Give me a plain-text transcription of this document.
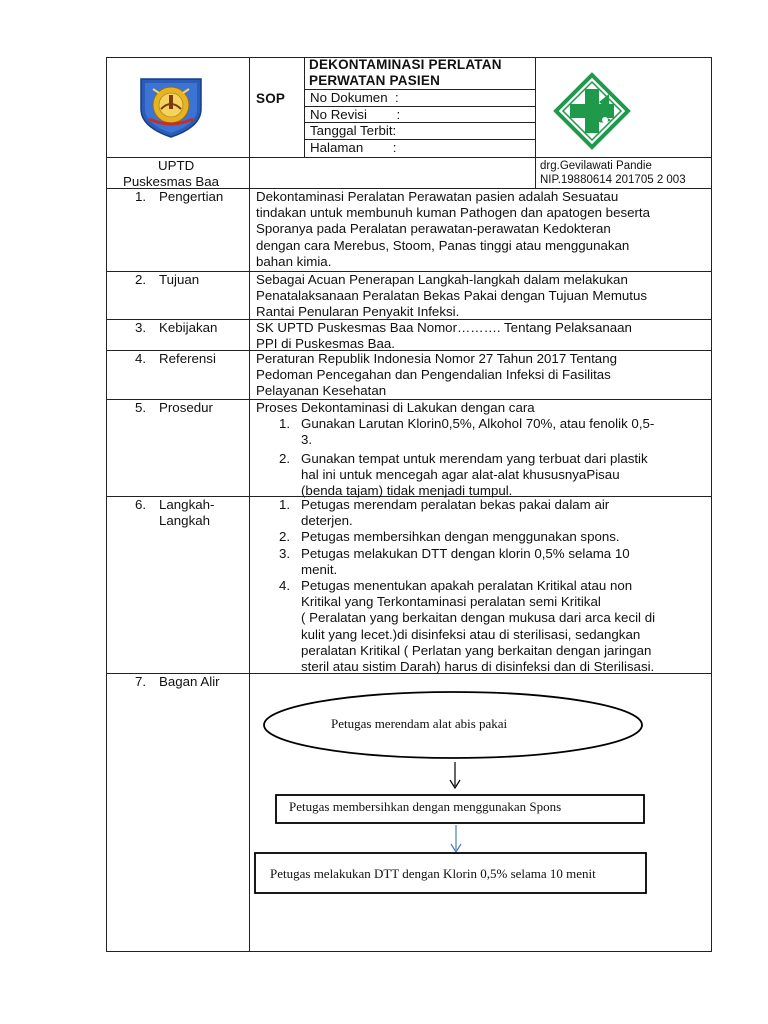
SOP
DEKONTAMINASI PERLATAN
PERWATAN PASIEN
No Dokumen  :
No Revisi        :
Tanggal Terbit:
Halaman        :
UPTD
Puskesmas Baa
drg.Gevilawati Pandie
NIP.19880614 201705 2 003
1. Pengertian
2. Tujuan
3. Kebijakan
4. Referensi
5. Prosedur
6. Langkah-
Langkah
7. Bagan Alir

Dekontaminasi Peralatan Perawatan pasien adalah Sesuatau

tindakan untuk membunuh kuman Pathogen dan apatogen beserta

Sporanya pada Peralatan perawatan-perawatan Kedokteran

dengan cara Merebus, Stoom, Panas tinggi atau menggunakan

bahan kimia.

Sebagai Acuan Penerapan Langkah-langkah dalam melakukan

Penatalaksanaan Peralatan Bekas Pakai dengan Tujuan Memutus

Rantai Penularan Penyakit Infeksi.

SK UPTD Puskesmas Baa Nomor………. Tentang Pelaksanaan

PPI di Puskesmas Baa.

Peraturan Republik Indonesia Nomor 27 Tahun 2017 Tentang

Pedoman Pencegahan dan Pengendalian Infeksi di Fasilitas

Pelayanan Kesehatan

Proses Dekontaminasi di Lakukan dengan cara

1. Gunakan Larutan Klorin0,5%, Alkohol 70%, atau fenolik 0,5-

3.

2. Gunakan tempat untuk merendam yang terbuat dari plastik

hal ini untuk mencegah agar alat-alat khususnyaPisau

(benda tajam) tidak menjadi tumpul.

1. Petugas merendam peralatan bekas pakai dalam air

deterjen.

2. Petugas membersihkan dengan menggunakan spons.

3. Petugas melakukan DTT dengan klorin 0,5% selama 10

menit.

4. Petugas menentukan apakah peralatan Kritikal atau non

Kritikal yang Terkontaminasi peralatan semi Kritikal

( Peralatan yang berkaitan dengan mukusa dari arca kecil di

kulit yang lecet.)di disinfeksi atau di sterilisasi, sedangkan

peralatan Kritikal ( Perlatan yang berkaitan dengan jaringan

steril atau sistim Darah) harus di disinfeksi dan di Sterilisasi.

Petugas merendam alat abis pakai
Petugas membersihkan dengan menggunakan Spons
Petugas melakukan DTT dengan Klorin 0,5% selama 10 menit
